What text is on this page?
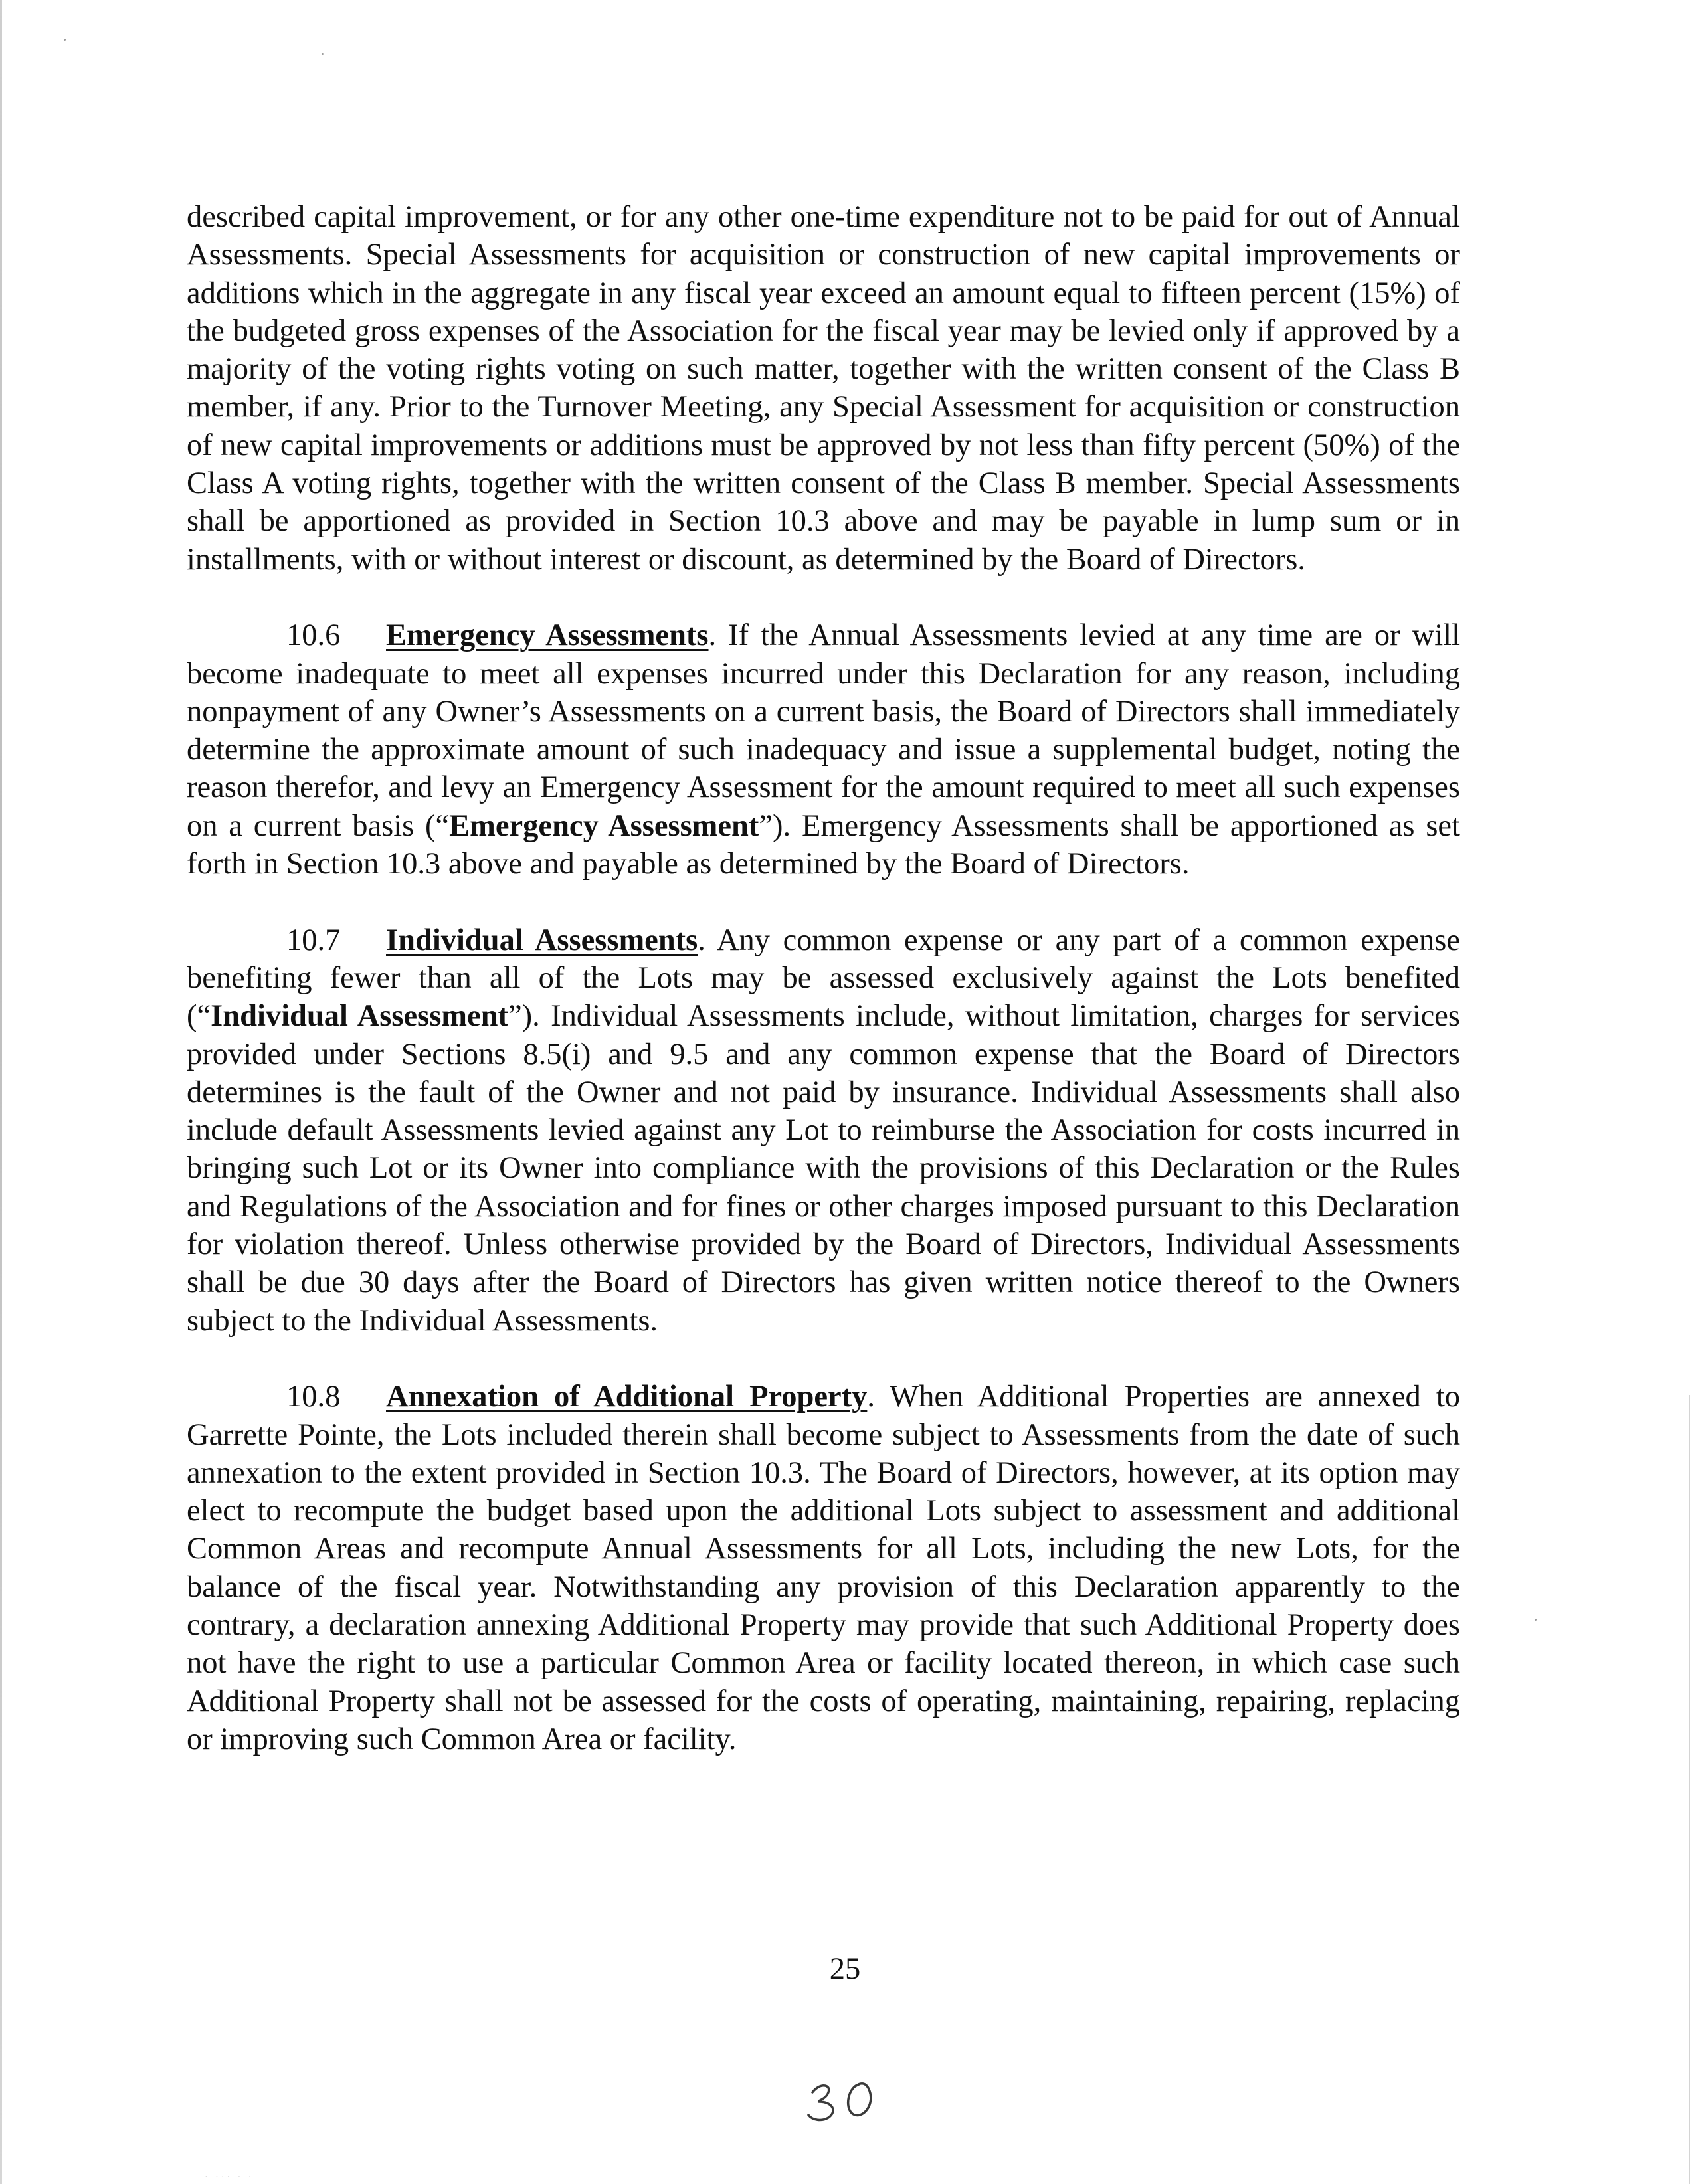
described capital improvement, or for any other one-time expenditure not to be paid for out of Annual Assessments. Special Assessments for acquisition or construction of new capital improvements or additions which in the aggregate in any fiscal year exceed an amount equal to fifteen percent (15%) of the budgeted gross expenses of the Association for the fiscal year may be levied only if approved by a majority of the voting rights voting on such matter, together with the written consent of the Class B member, if any. Prior to the Turnover Meeting, any Special Assessment for acquisition or construction of new capital improvements or additions must be approved by not less than fifty percent (50%) of the Class A voting rights, together with the written consent of the Class B member. Special Assessments shall be apportioned as provided in Section 10.3 above and may be payable in lump sum or in installments, with or without interest or discount, as determined by the Board of Directors.

10.6 Emergency Assessments. If the Annual Assessments levied at any time are or will become inadequate to meet all expenses incurred under this Declaration for any reason, including nonpayment of any Owner’s Assessments on a current basis, the Board of Directors shall immediately determine the approximate amount of such inadequacy and issue a supplemental budget, noting the reason therefor, and levy an Emergency Assessment for the amount required to meet all such expenses on a current basis (“Emergency Assessment”). Emergency Assessments shall be apportioned as set forth in Section 10.3 above and payable as determined by the Board of Directors.

10.7 Individual Assessments. Any common expense or any part of a common expense benefiting fewer than all of the Lots may be assessed exclusively against the Lots benefited (“Individual Assessment”). Individual Assessments include, without limitation, charges for services provided under Sections 8.5(i) and 9.5 and any common expense that the Board of Directors determines is the fault of the Owner and not paid by insurance. Individual Assessments shall also include default Assessments levied against any Lot to reimburse the Association for costs incurred in bringing such Lot or its Owner into compliance with the provisions of this Declaration or the Rules and Regulations of the Association and for fines or other charges imposed pursuant to this Declaration for violation thereof. Unless otherwise provided by the Board of Directors, Individual Assessments shall be due 30 days after the Board of Directors has given written notice thereof to the Owners subject to the Individual Assessments.

10.8 Annexation of Additional Property. When Additional Properties are annexed to Garrette Pointe, the Lots included therein shall become subject to Assessments from the date of such annexation to the extent provided in Section 10.3. The Board of Directors, however, at its option may elect to recompute the budget based upon the additional Lots subject to assessment and additional Common Areas and recompute Annual Assessments for all Lots, including the new Lots, for the balance of the fiscal year. Notwithstanding any provision of this Declaration apparently to the contrary, a declaration annexing Additional Property may provide that such Additional Property does not have the right to use a particular Common Area or facility located thereon, in which case such Additional Property shall not be assessed for the costs of operating, maintaining, repairing, replacing or improving such Common Area or facility.

25
· ··· · ·
